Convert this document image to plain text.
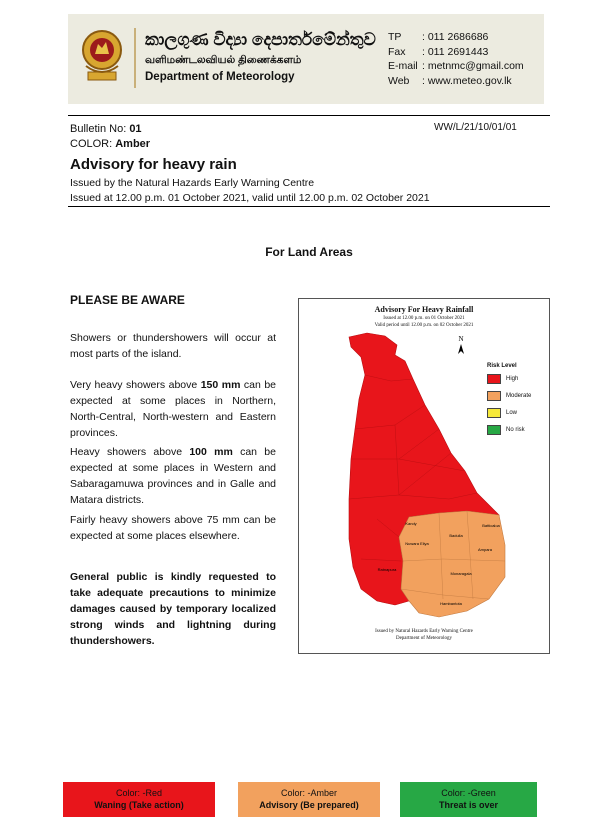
කාලගුණ විද්‍යා දෙපාර්තමේන්තුව
வளிமண்டலவியல் திணைக்களம்
Department of Meteorology
TP : 011 2686686
Fax : 011 2691443
E-mail : metnmc@gmail.com
Web : www.meteo.gov.lk
Bulletin No: 01
COLOR: Amber
WW/L/21/10/01/01
Advisory for heavy rain
Issued by the Natural Hazards Early Warning Centre
Issued at 12.00 p.m. 01 October 2021, valid until 12.00 p.m. 02 October 2021
For Land Areas
PLEASE BE AWARE
Showers or thundershowers will occur at most parts of the island.
Very heavy showers above 150 mm can be expected at some places in Northern, North-Central, North-western and Eastern provinces.
Heavy showers above 100 mm can be expected at some places in Western and Sabaragamuwa provinces and in Galle and Matara districts.
Fairly heavy showers above 75 mm can be expected at some places elsewhere.
General public is kindly requested to take adequate precautions to minimize damages caused by temporary localized strong winds and lightning during thundershowers.
Advisory For Heavy Rainfall
Issued at 12.00 p.m. on 01 October 2021
Valid period until 12.00 p.m. on 02 October 2021
N
Batticaloa
Ampara
Nuwara Eliya
Badulla
Monaragala
Hambantota
Kandy
Ratnapura
Risk Level
High
Moderate
Low
No risk
Issued by Natural Hazards Early Warning Centre
Department of Meteorology
Color: -Red
Waning (Take action)
Color: -Amber
Advisory (Be prepared)
Color: -Green
Threat is over
